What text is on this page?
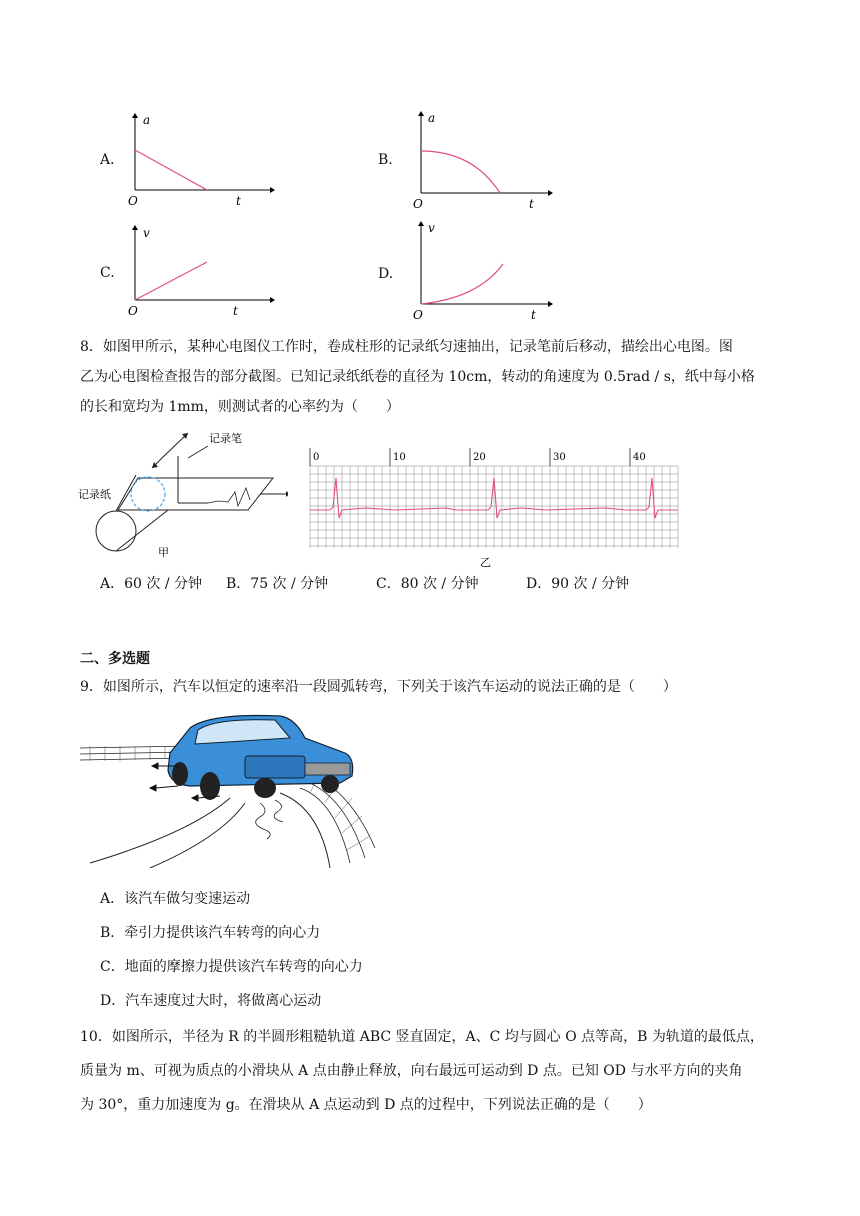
A.
a
t
O
B.
a
t
O
C.
v
t
O
D.
v
t
O
8．如图甲所示，某种心电图仪工作时，卷成柱形的记录纸匀速抽出，记录笔前后移动，描绘出心电图。图
乙为心电图检查报告的部分截图。已知记录纸纸卷的直径为 10cm，转动的角速度为 0.5rad / s，纸中每小格
的长和宽均为 1mm，则测试者的心率约为（　　）
记录笔
记录纸
甲
0	10	20	30	40
乙
A．60 次 / 分钟 B．75 次 / 分钟	C．80 次 / 分钟	D．90 次 / 分钟
二、多选题
9．如图所示，汽车以恒定的速率沿一段圆弧转弯，下列关于该汽车运动的说法正确的是（　　）
A．该汽车做匀变速运动
B．牵引力提供该汽车转弯的向心力
C．地面的摩擦力提供该汽车转弯的向心力
D．汽车速度过大时，将做离心运动
10．如图所示，半径为 R 的半圆形粗糙轨道 ABC 竖直固定，A、C 均与圆心 O 点等高，B 为轨道的最低点，
质量为 m、可视为质点的小滑块从 A 点由静止释放，向右最远可运动到 D 点。已知 OD 与水平方向的夹角
为 30°，重力加速度为 g。在滑块从 A 点运动到 D 点的过程中，下列说法正确的是（　　）
